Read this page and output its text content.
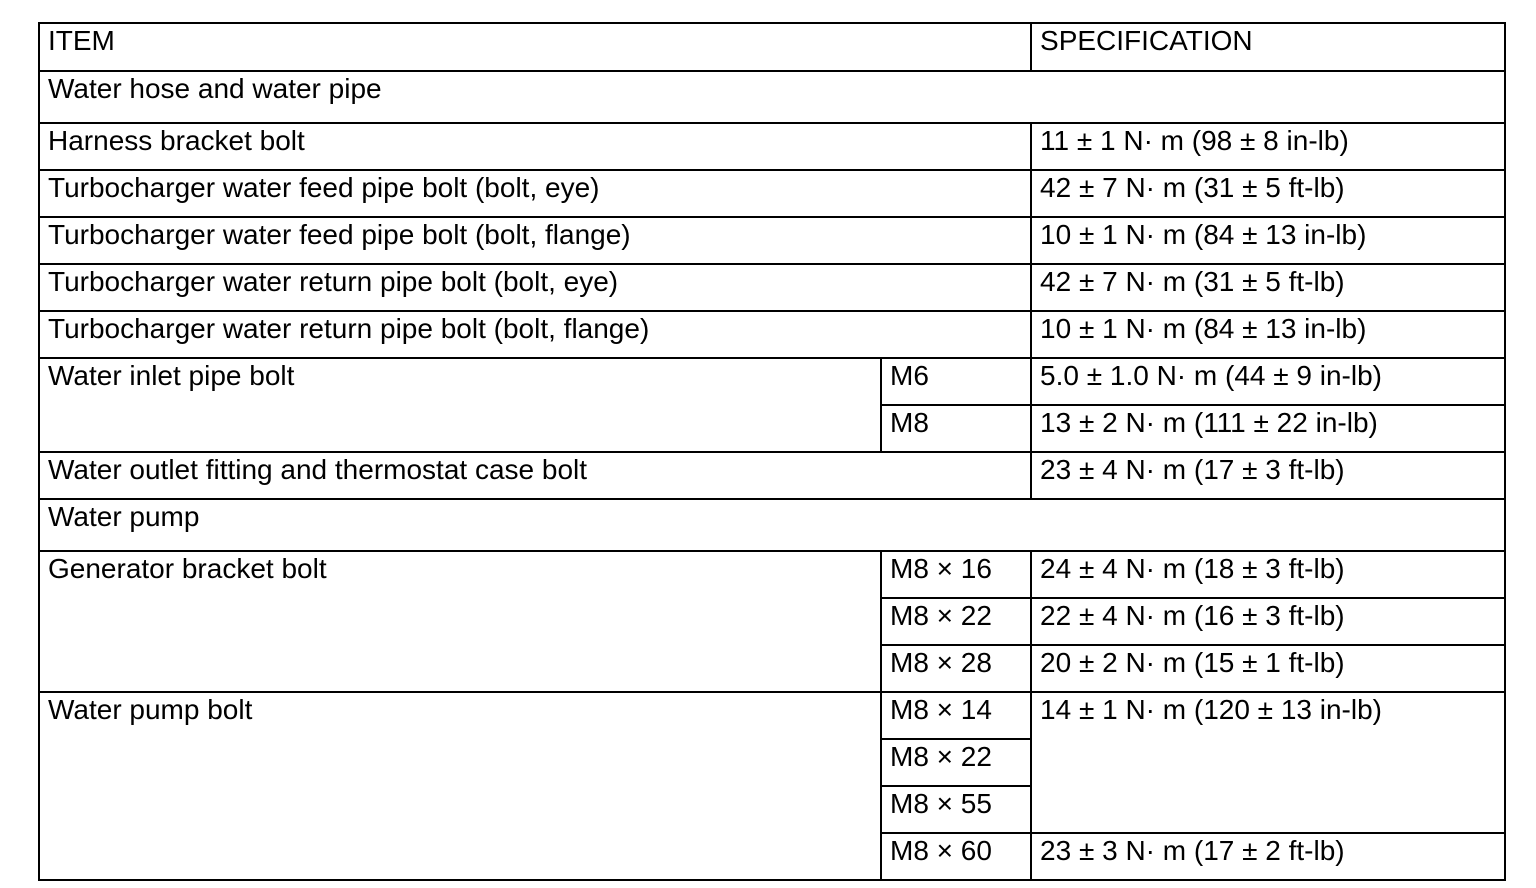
ITEM		SPECIFICATION
Water hose and water pipe		
Harness bracket bolt		11 ± 1 N· m (98 ± 8 in-lb)
Turbocharger water feed pipe bolt (bolt, eye)		42 ± 7 N· m (31 ± 5 ft-lb)
Turbocharger water feed pipe bolt (bolt, flange)		10 ± 1 N· m (84 ± 13 in-lb)
Turbocharger water return pipe bolt (bolt, eye)		42 ± 7 N· m (31 ± 5 ft-lb)
Turbocharger water return pipe bolt (bolt, flange)		10 ± 1 N· m (84 ± 13 in-lb)
Water inlet pipe bolt	M6	5.0 ± 1.0 N· m (44 ± 9 in-lb)
	M8	13 ± 2 N· m (111 ± 22 in-lb)
Water outlet fitting and thermostat case bolt		23 ± 4 N· m (17 ± 3 ft-lb)
Water pump		
Generator bracket bolt	M8 × 16	24 ± 4 N· m (18 ± 3 ft-lb)
	M8 × 22	22 ± 4 N· m (16 ± 3 ft-lb)
	M8 × 28	20 ± 2 N· m (15 ± 1 ft-lb)
Water pump bolt	M8 × 14	14 ± 1 N· m (120 ± 13 in-lb)
	M8 × 22	
	M8 × 55	
	M8 × 60	23 ± 3 N· m (17 ± 2 ft-lb)
